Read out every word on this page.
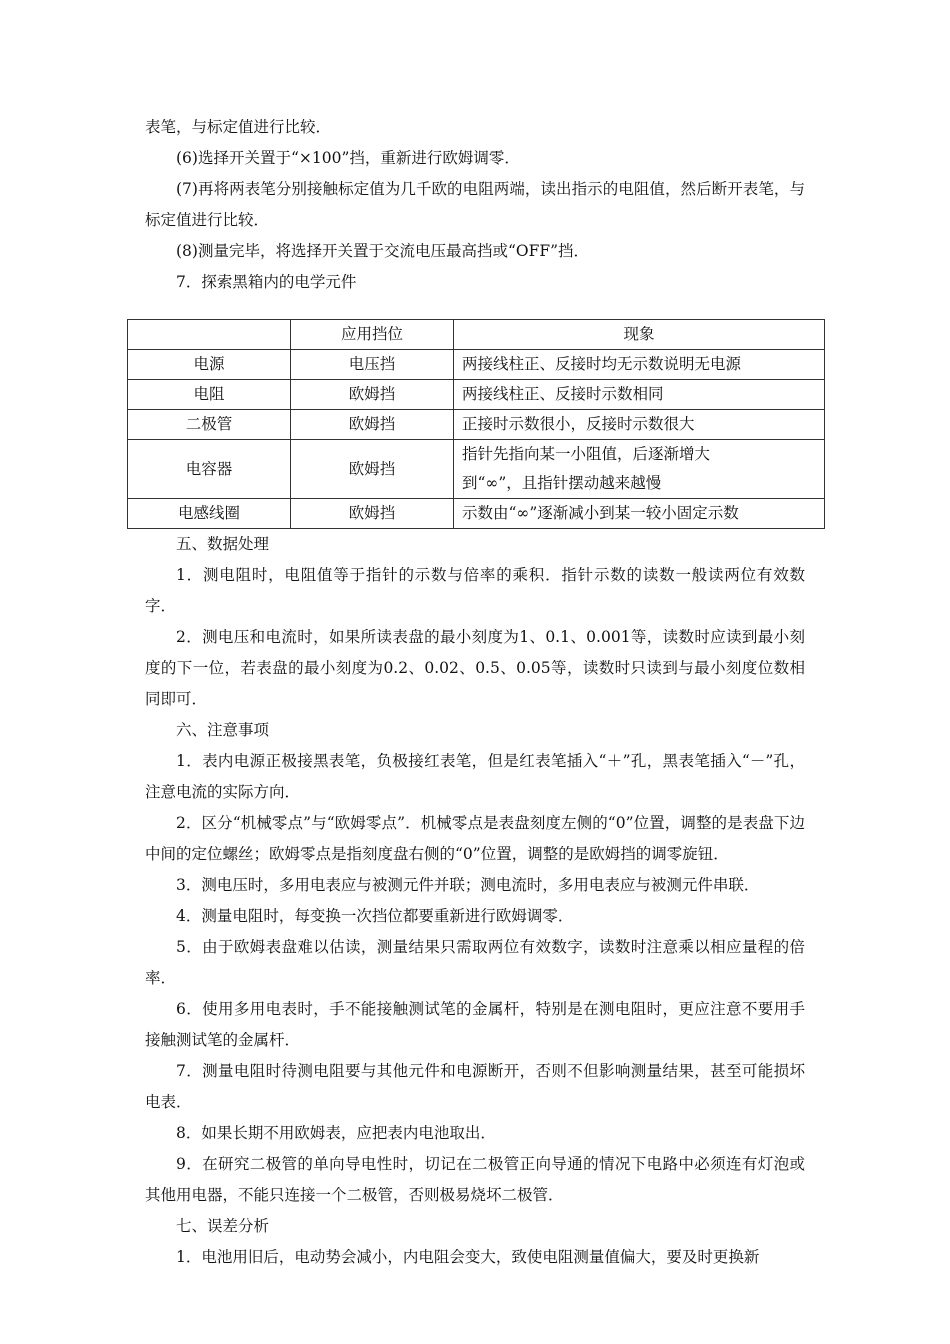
表笔，与标定值进行比较．

(6)选择开关置于“×100”挡，重新进行欧姆调零．

(7)再将两表笔分别接触标定值为几千欧的电阻两端，读出指示的电阻值，然后断开表笔，与标定值进行比较．

(8)测量完毕，将选择开关置于交流电压最高挡或“OFF”挡．

7．探索黑箱内的电学元件

	应用挡位	现象
电源	电压挡	两接线柱正、反接时均无示数说明无电源
电阻	欧姆挡	两接线柱正、反接时示数相同
二极管	欧姆挡	正接时示数很小，反接时示数很大
电容器	欧姆挡	指针先指向某一小阻值，后逐渐增大到“∞”，且指针摆动越来越慢
电感线圈	欧姆挡	示数由“∞”逐渐减小到某一较小固定示数

五、数据处理

1．测电阻时，电阻值等于指针的示数与倍率的乘积．指针示数的读数一般读两位有效数字．

2．测电压和电流时，如果所读表盘的最小刻度为1、0.1、0.001等，读数时应读到最小刻度的下一位，若表盘的最小刻度为0.2、0.02、0.5、0.05等，读数时只读到与最小刻度位数相同即可．

六、注意事项

1．表内电源正极接黑表笔，负极接红表笔，但是红表笔插入“＋”孔，黑表笔插入“－”孔，注意电流的实际方向．

2．区分“机械零点”与“欧姆零点”．机械零点是表盘刻度左侧的“0”位置，调整的是表盘下边中间的定位螺丝；欧姆零点是指刻度盘右侧的“0”位置，调整的是欧姆挡的调零旋钮．

3．测电压时，多用电表应与被测元件并联；测电流时，多用电表应与被测元件串联．

4．测量电阻时，每变换一次挡位都要重新进行欧姆调零．

5．由于欧姆表盘难以估读，测量结果只需取两位有效数字，读数时注意乘以相应量程的倍率．

6．使用多用电表时，手不能接触测试笔的金属杆，特别是在测电阻时，更应注意不要用手接触测试笔的金属杆．

7．测量电阻时待测电阻要与其他元件和电源断开，否则不但影响测量结果，甚至可能损坏电表．

8．如果长期不用欧姆表，应把表内电池取出．

9．在研究二极管的单向导电性时，切记在二极管正向导通的情况下电路中必须连有灯泡或其他用电器，不能只连接一个二极管，否则极易烧坏二极管．

七、误差分析

1．电池用旧后，电动势会减小，内电阻会变大，致使电阻测量值偏大，要及时更换新
